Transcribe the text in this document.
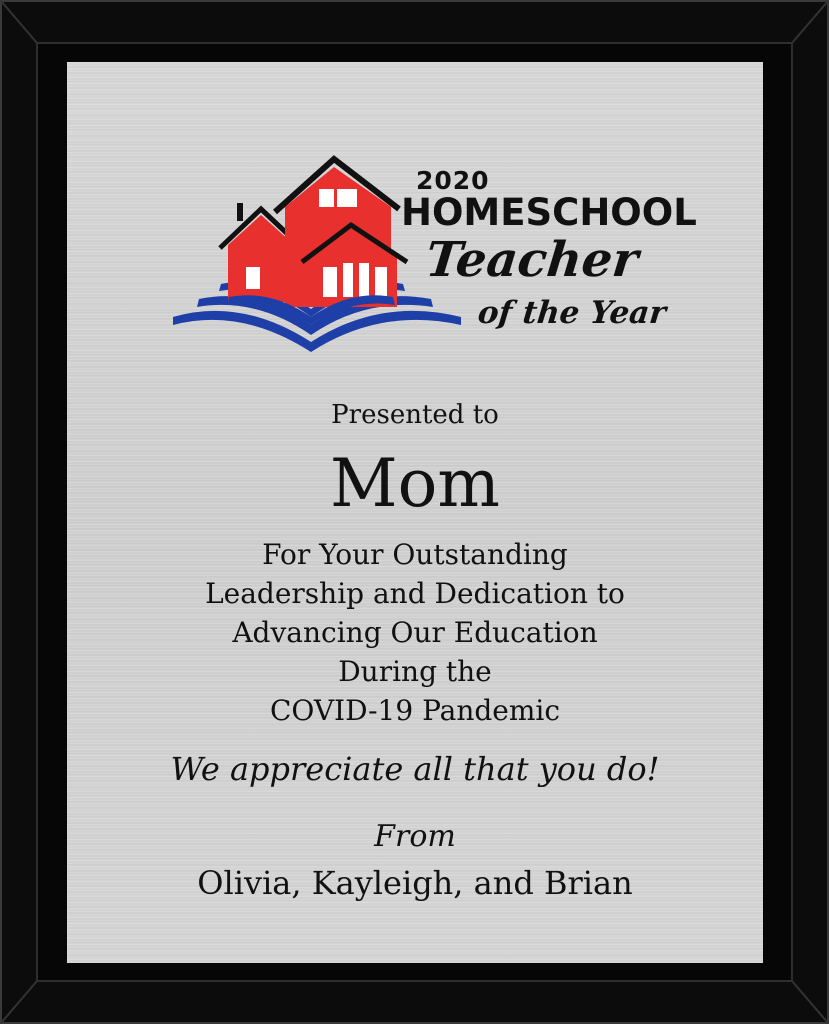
2020
HOMESCHOOL
Teacher
of the Year
Presented to
Mom
For Your Outstanding
Leadership and Dedication to
Advancing Our Education
During the
COVID-19 Pandemic
We appreciate all that you do!
From
Olivia, Kayleigh, and Brian
